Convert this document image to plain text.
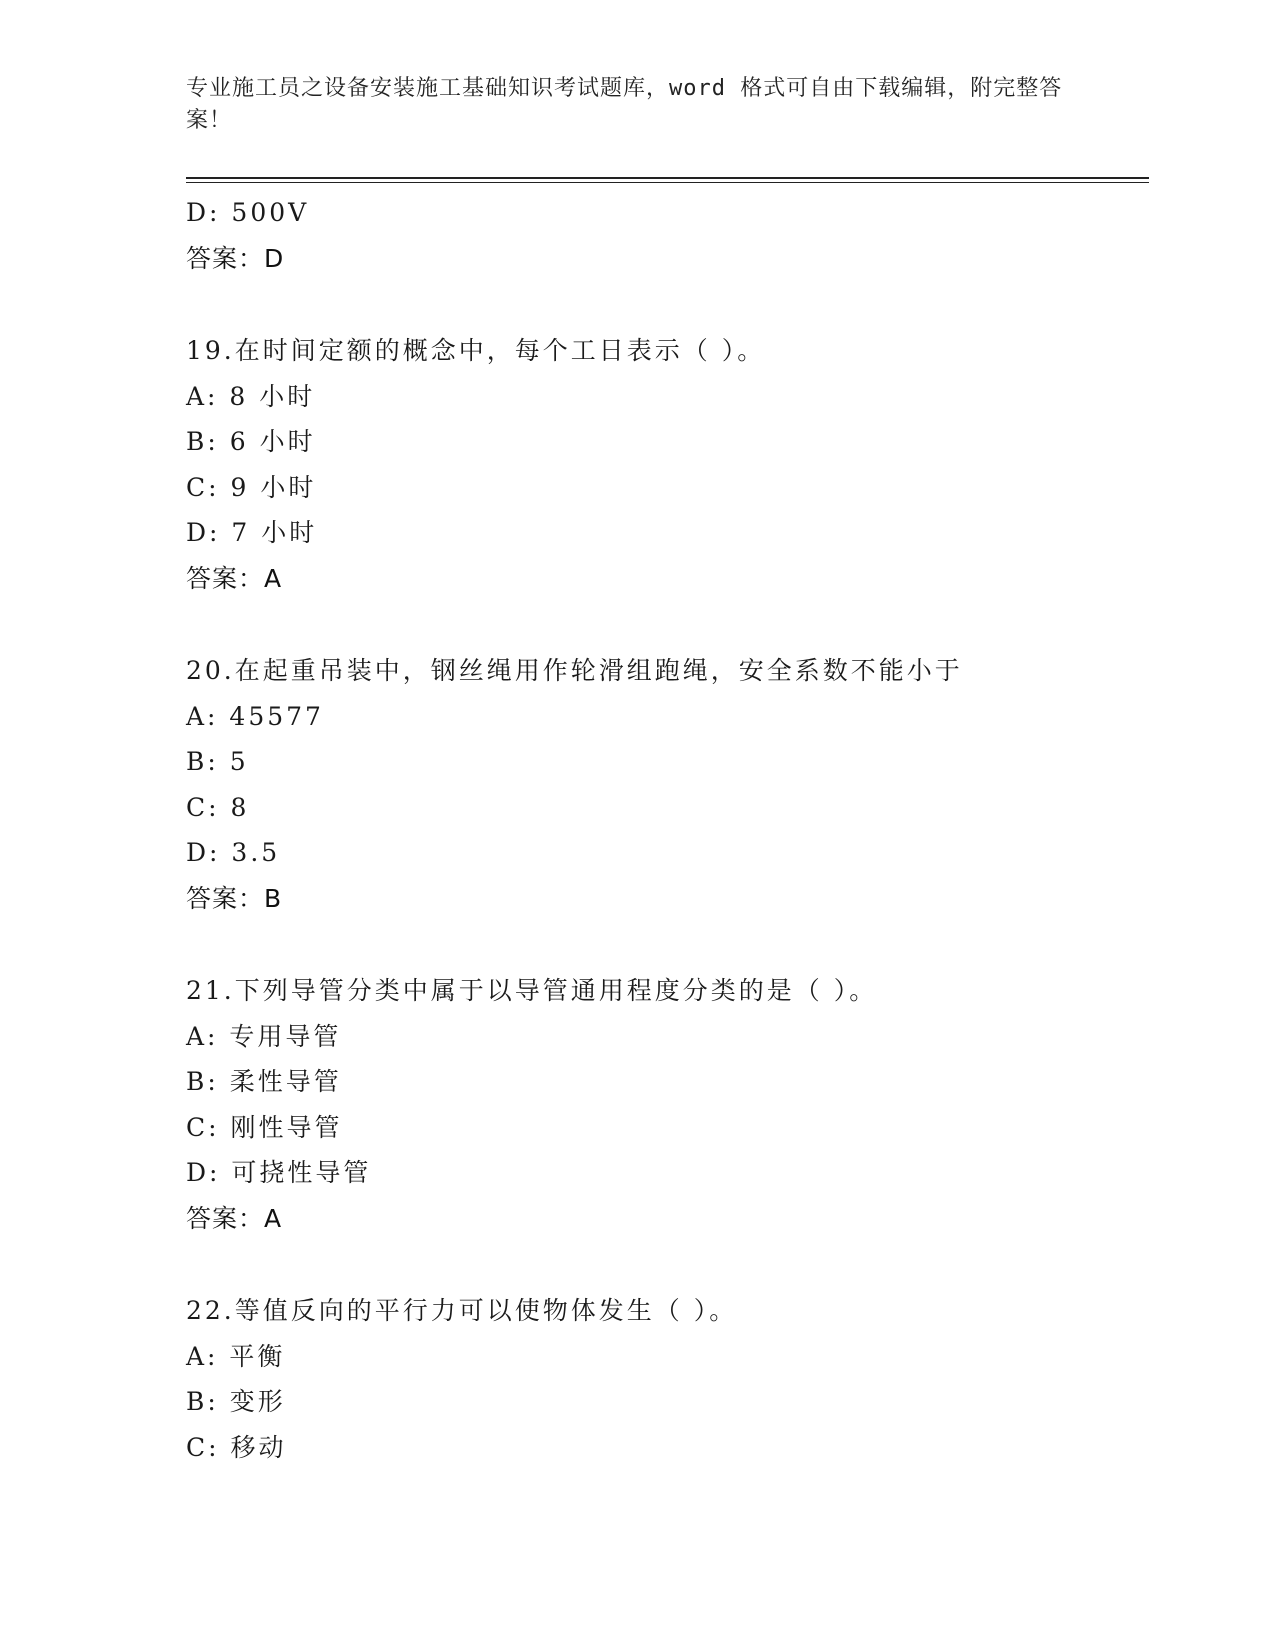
专业施工员之设备安装施工基础知识考试题库，word 格式可自由下载编辑，附完整答案！
D: 500V
答案：D
19.在时间定额的概念中，每个工日表示（ ）。
A: 8 小时
B: 6 小时
C: 9 小时
D: 7 小时
答案：A
20.在起重吊装中，钢丝绳用作轮滑组跑绳，安全系数不能小于
A: 45577
B: 5
C: 8
D: 3.5
答案：B
21.下列导管分类中属于以导管通用程度分类的是（ ）。
A: 专用导管
B: 柔性导管
C: 刚性导管
D: 可挠性导管
答案：A
22.等值反向的平行力可以使物体发生（ ）。
A: 平衡
B: 变形
C: 移动
